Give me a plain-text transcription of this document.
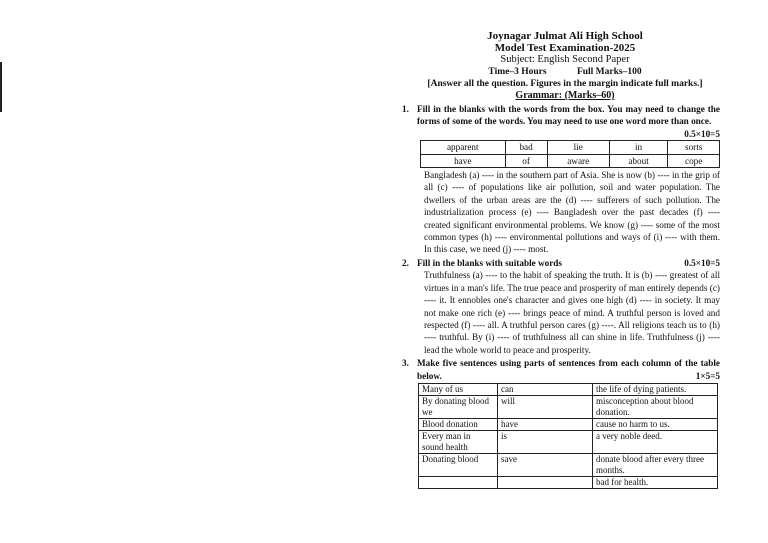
Joynagar Julmat Ali High School
Model Test Examination-2025
Subject: English Second Paper
Time–3 Hours	Full Marks–100
[Answer all the question. Figures in the margin indicate full marks.]
Grammar: (Marks–60)
1. Fill in the blanks with the words from the box. You may need to change the forms of some of the words. You may need to use one word more than once.
0.5×10=5
apparent	bad	lie	in	sorts
have	of	aware	about	cope
Bangladesh (a) ---- in the southern part of Asia. She is now (b) ---- in the grip of all (c) ---- of populations like air pollution, soil and water population. The dwellers of the urban areas are the (d) ---- sufferers of such pollution. The industrialization process (e) ---- Bangladesh over the past decades (f) ---- created significant environmental problems. We know (g) ---- some of the most common types (h) ---- environmental pollutions and ways of (i) ---- with them. In this case, we need (j) ---- most.
2. Fill in the blanks with suitable words	0.5×10=5
Truthfulness (a) ---- to the habit of speaking the truth. It is (b) ---- greatest of all virtues in a man's life. The true peace and prosperity of man entirely depends (c) ---- it. It ennobles one's character and gives one high (d) ---- in society. It may not make one rich (e) ---- brings peace of mind. A truthful person is loved and respected (f) ---- all. A truthful person cares (g) ----. All religions teach us to (h) ---- truthful. By (i) ---- of truthfulness all can shine in life. Truthfulness (j) ---- lead the whole world to peace and prosperity.
3. Make five sentences using parts of sentences from each column of the table below.	1×5=5
Many of us	can	the life of dying patients.
By donating blood we	will	misconception about blood donation.
Blood donation	have	cause no harm to us.
Every man in sound health	is	a very noble deed.
Donating blood	save	donate blood after every three months.
		bad for health.
